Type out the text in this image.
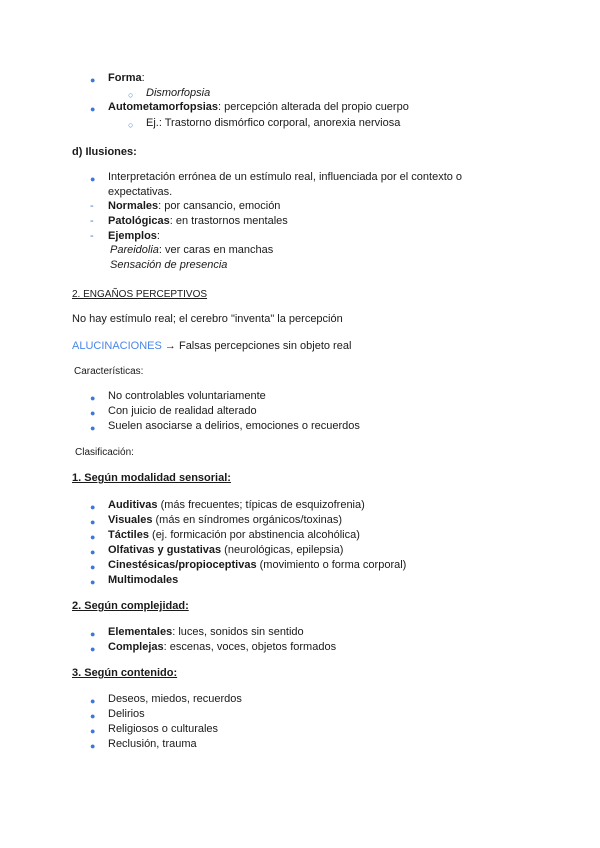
● Forma:
○ Dismorfopsia
● Autometamorfopsias: percepción alterada del propio cuerpo
○ Ej.: Trastorno dismórfico corporal, anorexia nerviosa
d) Ilusiones:
● Interpretación errónea de un estímulo real, influenciada por el contexto o
expectativas.
- Normales: por cansancio, emoción
- Patológicas: en trastornos mentales
- Ejemplos:
Pareidolia: ver caras en manchas
Sensación de presencia
2. ENGAÑOS PERCEPTIVOS
No hay estímulo real; el cerebro "inventa" la percepción
ALUCINACIONES → Falsas percepciones sin objeto real
Características:
● No controlables voluntariamente
● Con juicio de realidad alterado
● Suelen asociarse a delirios, emociones o recuerdos
Clasificación:
1. Según modalidad sensorial:
● Auditivas (más frecuentes; típicas de esquizofrenia)
● Visuales (más en síndromes orgánicos/toxinas)
● Táctiles (ej. formicación por abstinencia alcohólica)
● Olfativas y gustativas (neurológicas, epilepsia)
● Cinestésicas/propioceptivas (movimiento o forma corporal)
● Multimodales
2. Según complejidad:
● Elementales: luces, sonidos sin sentido
● Complejas: escenas, voces, objetos formados
3. Según contenido:
● Deseos, miedos, recuerdos
● Delirios
● Religiosos o culturales
● Reclusión, trauma
